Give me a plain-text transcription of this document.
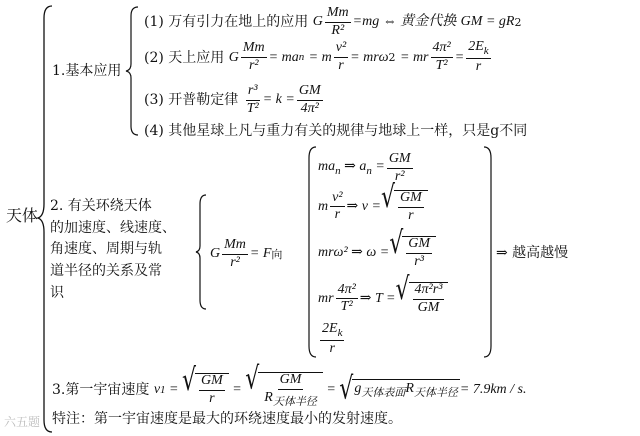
天体
1.基本应用
(1)
万有引力在地上的应用
G $\frac{Mm}{\text{R²}} =mg$ ⇔ 黄金代换
GM = gR 2
(2)
天上应用
G $\frac{Mm}{\text{r²}}$ = ma n
= m $\frac{\text{v²}}{r} = mr\omega$ 2
= mr $\frac{\text{4π²}}{\text{T²}} = \frac{2E_k}{r}$
(3)
开普勒定律
$\frac{\text{r³}}{\text{T²}} = k = \frac{GM}{\text{4π²}}$
(4)
其他星球上凡与重力有关的规律与地球上一样，只是g不同
2. 有关环绕天体
的加速度、线速度、
角速度、周期与轨
道半径的关系及常
识
G $\frac{Mm}{\text{r²}} = F$ 向
$ma_n$ ⇒ $a_n = \frac{GM}{\text{r²}}$
m $\frac{\text{v²}}{r}$ ⇒ v = √ $\frac{GM}{r}$
mrω² ⇒ ω = √ $\frac{GM}{\text{r³}}$
mr $\frac{\text{4π²}}{\text{T²}}$ ⇒ T = √ $\frac{\text{4π²r³}}{GM}$
$\frac{2E_k}{r}$
⇒ 越高越慢
3.第一宇宙速度
v 1 = √ $\frac{GM}{r}$ = √ $\frac{GM}{R_{天体半径}}$ = √ $g_{天体表面}R_{天体半径} = 7.9km / s$.
特注：第一宇宙速度是最大的环绕速度最小的发射速度。
六五题
